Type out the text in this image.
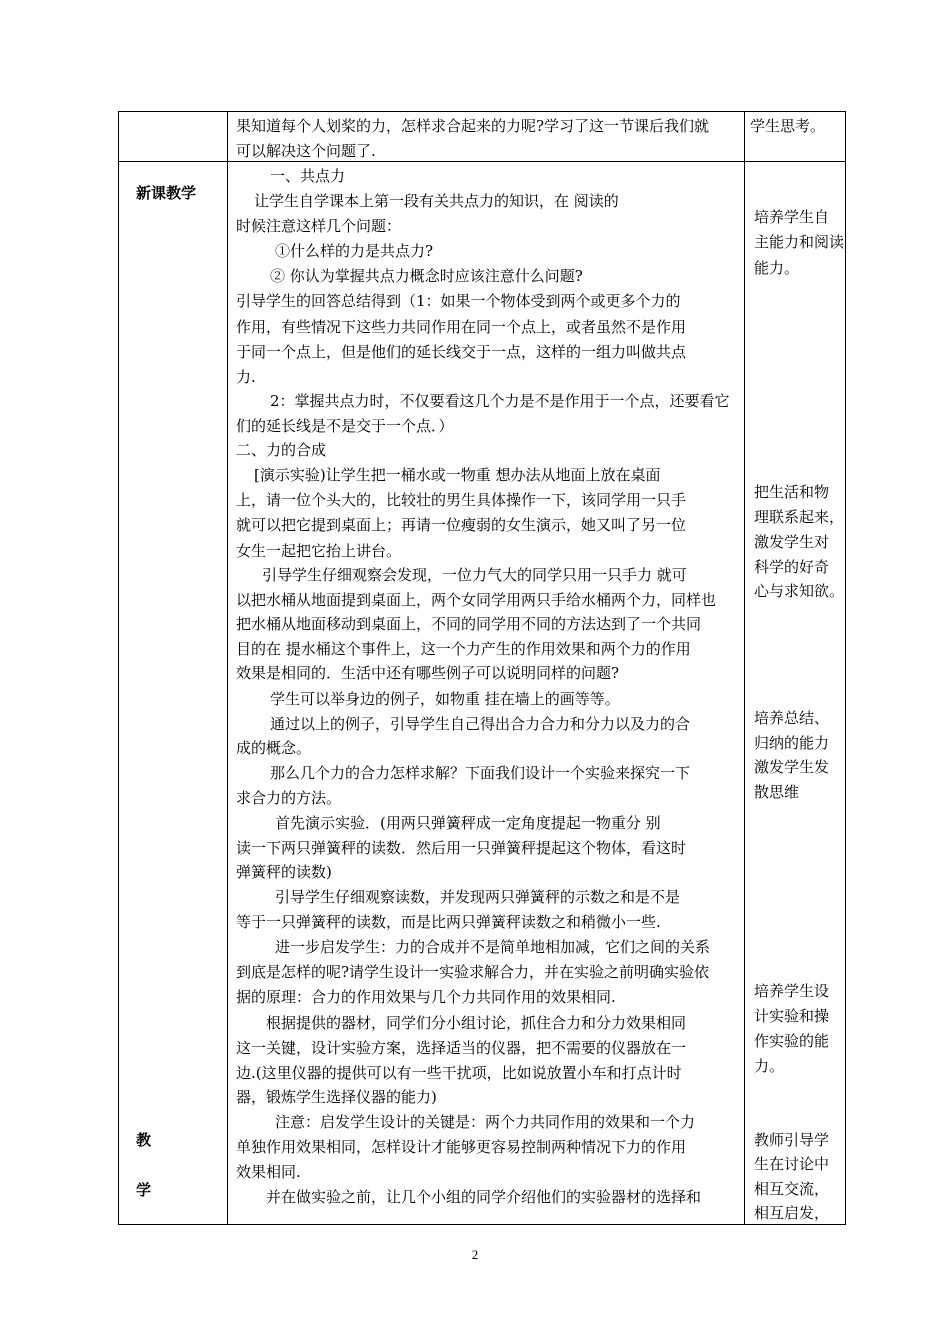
果知道每个人划桨的力，怎样求合起来的力呢?学习了这一节课后我们就
可以解决这个问题了.
学生思考。
新课教学
教
学
一、共点力
让学生自学课本上第一段有关共点力的知识，在 阅读的
时候注意这样几个问题：
①什么样的力是共点力?
② 你认为掌握共点力概念时应该注意什么问题?
引导学生的回答总结得到（1：如果一个物体受到两个或更多个力的
作用，有些情况下这些力共同作用在同一个点上，或者虽然不是作用
于同一个点上，但是他们的延长线交于一点，这样的一组力叫做共点
力.
2：掌握共点力时，不仅要看这几个力是不是作用于一个点，还要看它
们的延长线是不是交于一个点．）
二、力的合成
[演示实验)让学生把一桶水或一物重 想办法从地面上放在桌面
上，请一位个头大的，比较壮的男生具体操作一下，该同学用一只手
就可以把它提到桌面上；再请一位瘦弱的女生演示，她又叫了另一位
女生一起把它抬上讲台。
引导学生仔细观察会发现，一位力气大的同学只用一只手力 就可
以把水桶从地面提到桌面上，两个女同学用两只手给水桶两个力，同样也
把水桶从地面移动到桌面上，不同的同学用不同的方法达到了一个共同
目的在 提水桶这个事件上，这一个力产生的作用效果和两个力的作用
效果是相同的．生活中还有哪些例子可以说明同样的问题?
学生可以举身边的例子，如物重 挂在墙上的画等等。
通过以上的例子，引导学生自己得出合力合力和分力以及力的合
成的概念。
那么几个力的合力怎样求解？下面我们设计一个实验来探究一下
求合力的方法。
首先演示实验．(用两只弹簧秤成一定角度提起一物重分 别
读一下两只弹簧秤的读数．然后用一只弹簧秤提起这个物体，看这时
弹簧秤的读数)
引导学生仔细观察读数，并发现两只弹簧秤的示数之和是不是
等于一只弹簧秤的读数，而是比两只弹簧秤读数之和稍微小一些.
进一步启发学生：力的合成并不是简单地相加减，它们之间的关系
到底是怎样的呢?请学生设计一实验求解合力，并在实验之前明确实验依
据的原理：合力的作用效果与几个力共同作用的效果相同.
根据提供的器材，同学们分小组讨论，抓住合力和分力效果相同
这一关键，设计实验方案，选择适当的仪器，把不需要的仪器放在一
边.(这里仪器的提供可以有一些干扰项，比如说放置小车和打点计时
器，锻炼学生选择仪器的能力)
注意：启发学生设计的关键是：两个力共同作用的效果和一个力
单独作用效果相同，怎样设计才能够更容易控制两种情况下力的作用
效果相同.
并在做实验之前，让几个小组的同学介绍他们的实验器材的选择和
培养学生自
主能力和阅读
能力。
把生活和物
理联系起来，
激发学生对
科学的好奇
心与求知欲。
培养总结、
归纳的能力
激发学生发
散思维
培养学生设
计实验和操
作实验的能
力。
教师引导学
生在讨论中
相互交流，
相互启发，
2
